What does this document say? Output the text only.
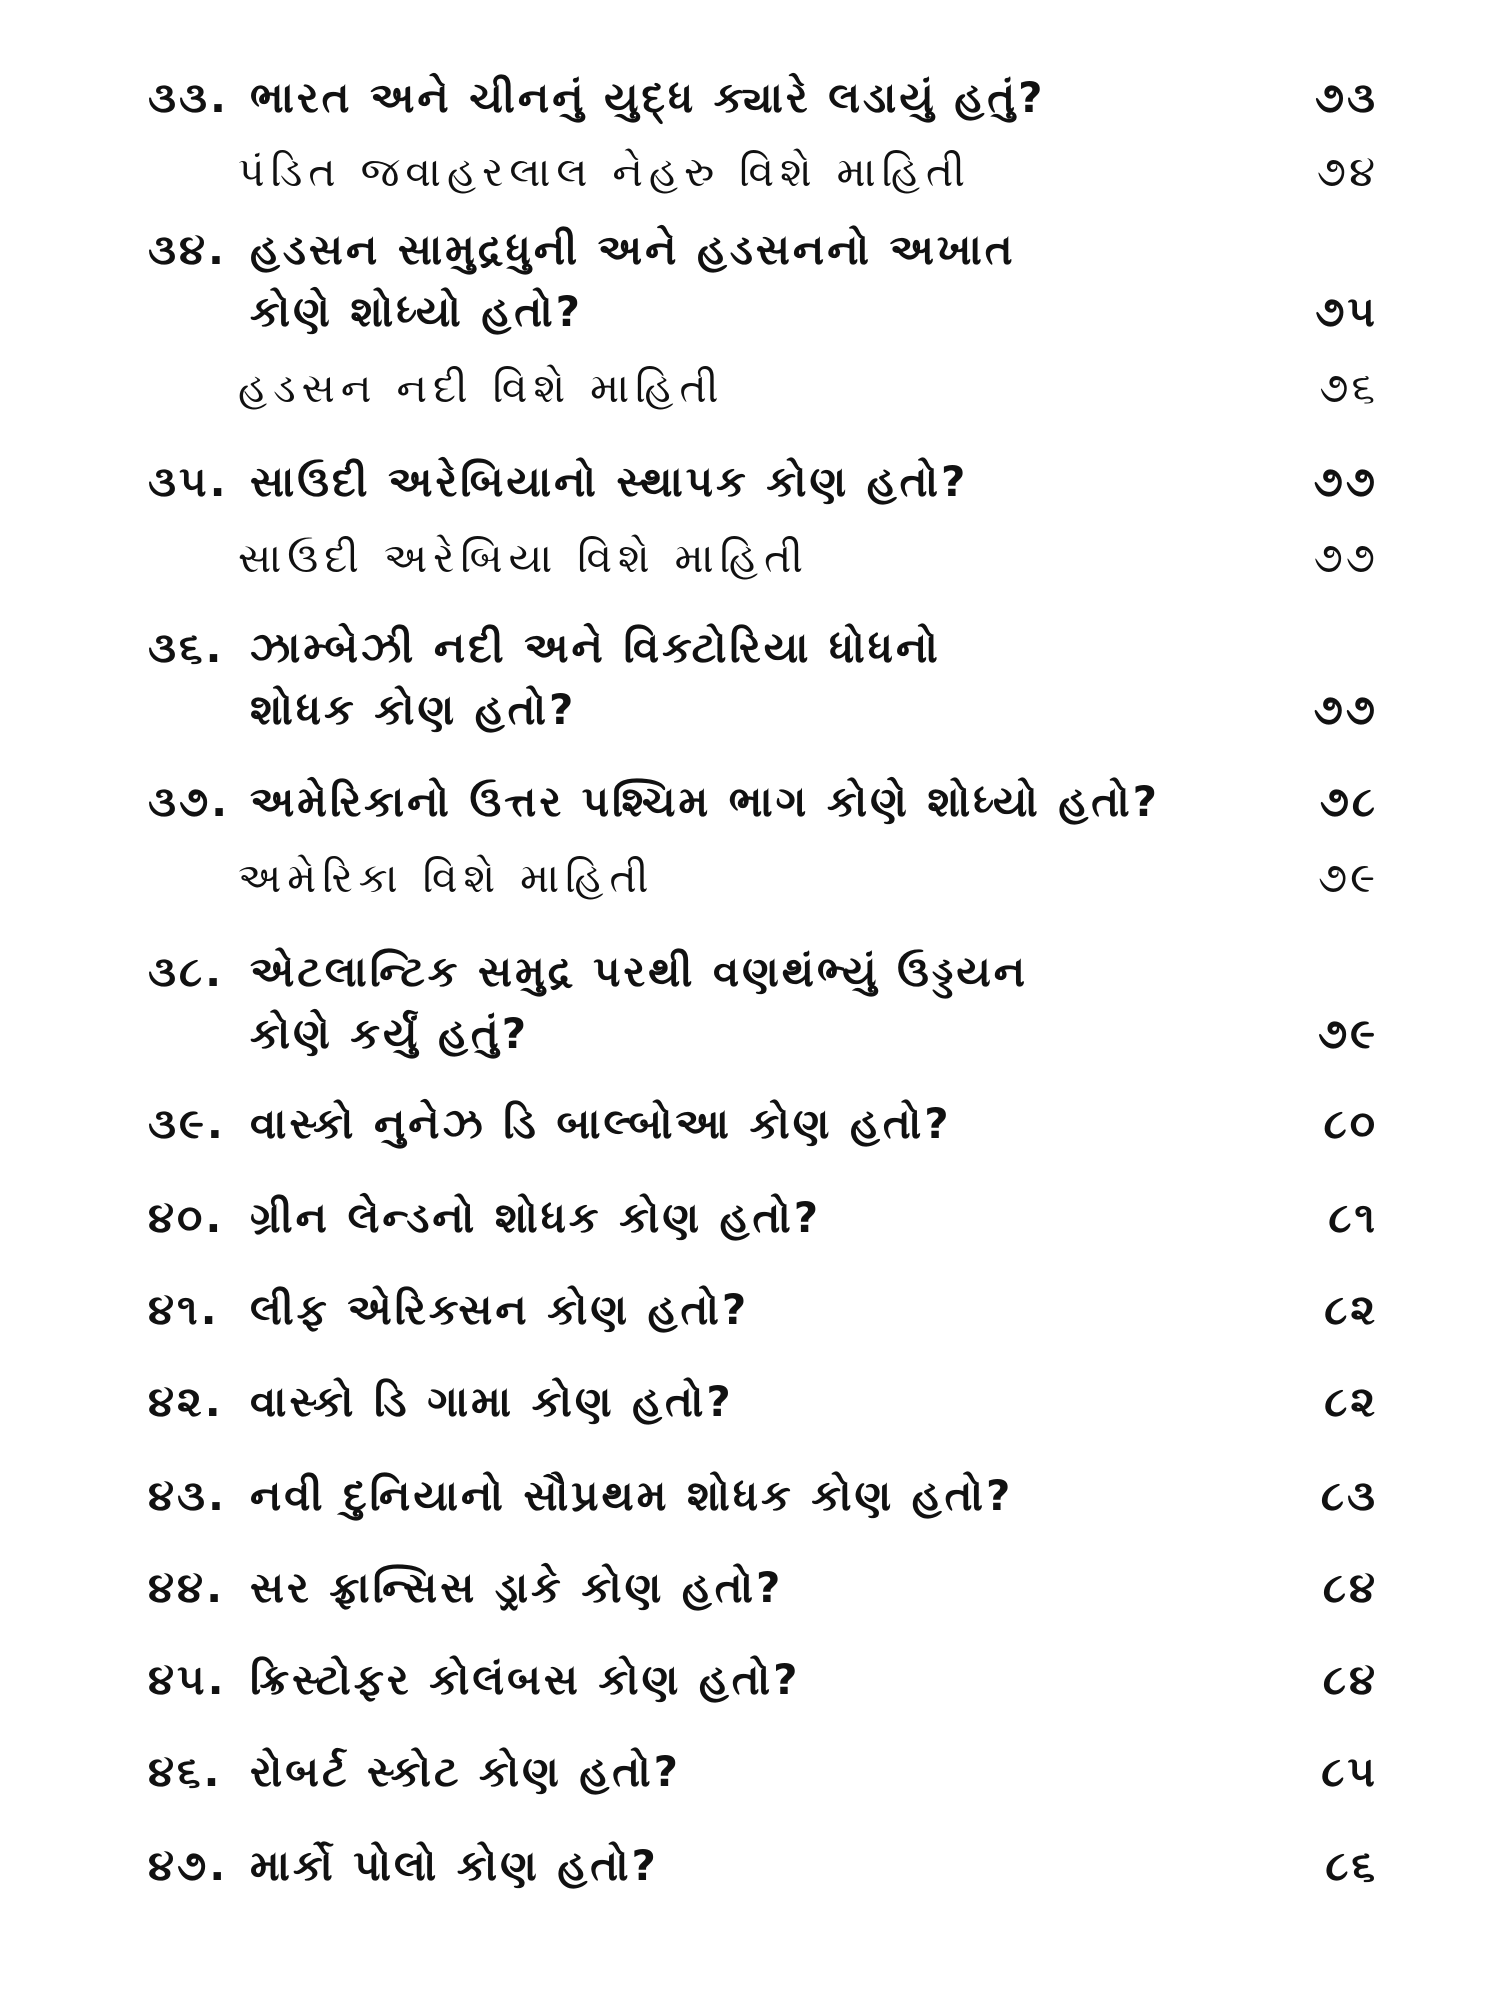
૩૩. ભારત અને ચીનનું યુદ્ધ ક્યારે લડાયું હતું?	૭૩
પંડિત જવાહરલાલ નેહરુ વિશે માહિતી	૭૪
૩૪. હડસન સામુદ્રધુની અને હડસનનો અખાત
કોણે શોધ્યો હતો?	૭૫
હડસન નદી વિશે માહિતી	૭૬
૩૫. સાઉદી અરેબિયાનો સ્થાપક કોણ હતો?	૭૭
સાઉદી અરેબિયા વિશે માહિતી	૭૭
૩૬. ઝામ્બેઝી નદી અને વિક્ટોરિયા ધોધનો
શોધક કોણ હતો?	૭૭
૩૭. અમેરિકાનો ઉત્તર પશ્ચિમ ભાગ કોણે શોધ્યો હતો?	૭૮
અમેરિકા વિશે માહિતી	૭૯
૩૮. એટલાન્ટિક સમુદ્ર પરથી વણથંભ્યું ઉડ્ડયન
કોણે કર્યું હતું?	૭૯
૩૯. વાસ્કો નુનેઝ ડિ બાલ્બોઆ કોણ હતો?	૮૦
૪૦. ગ્રીન લેન્ડનો શોધક કોણ હતો?	૮૧
૪૧. લીફ એરિક્સન કોણ હતો?	૮૨
૪૨. વાસ્કો ડિ ગામા કોણ હતો?	૮૨
૪૩. નવી દુનિયાનો સૌપ્રથમ શોધક કોણ હતો?	૮૩
૪૪. સર ફ્રાન્સિસ ડ્રાકે કોણ હતો?	૮૪
૪૫. ક્રિસ્ટોફર કોલંબસ કોણ હતો?	૮૪
૪૬. રોબર્ટ સ્કોટ કોણ હતો?	૮૫
૪૭. માર્કો પોલો કોણ હતો?	૮૬
